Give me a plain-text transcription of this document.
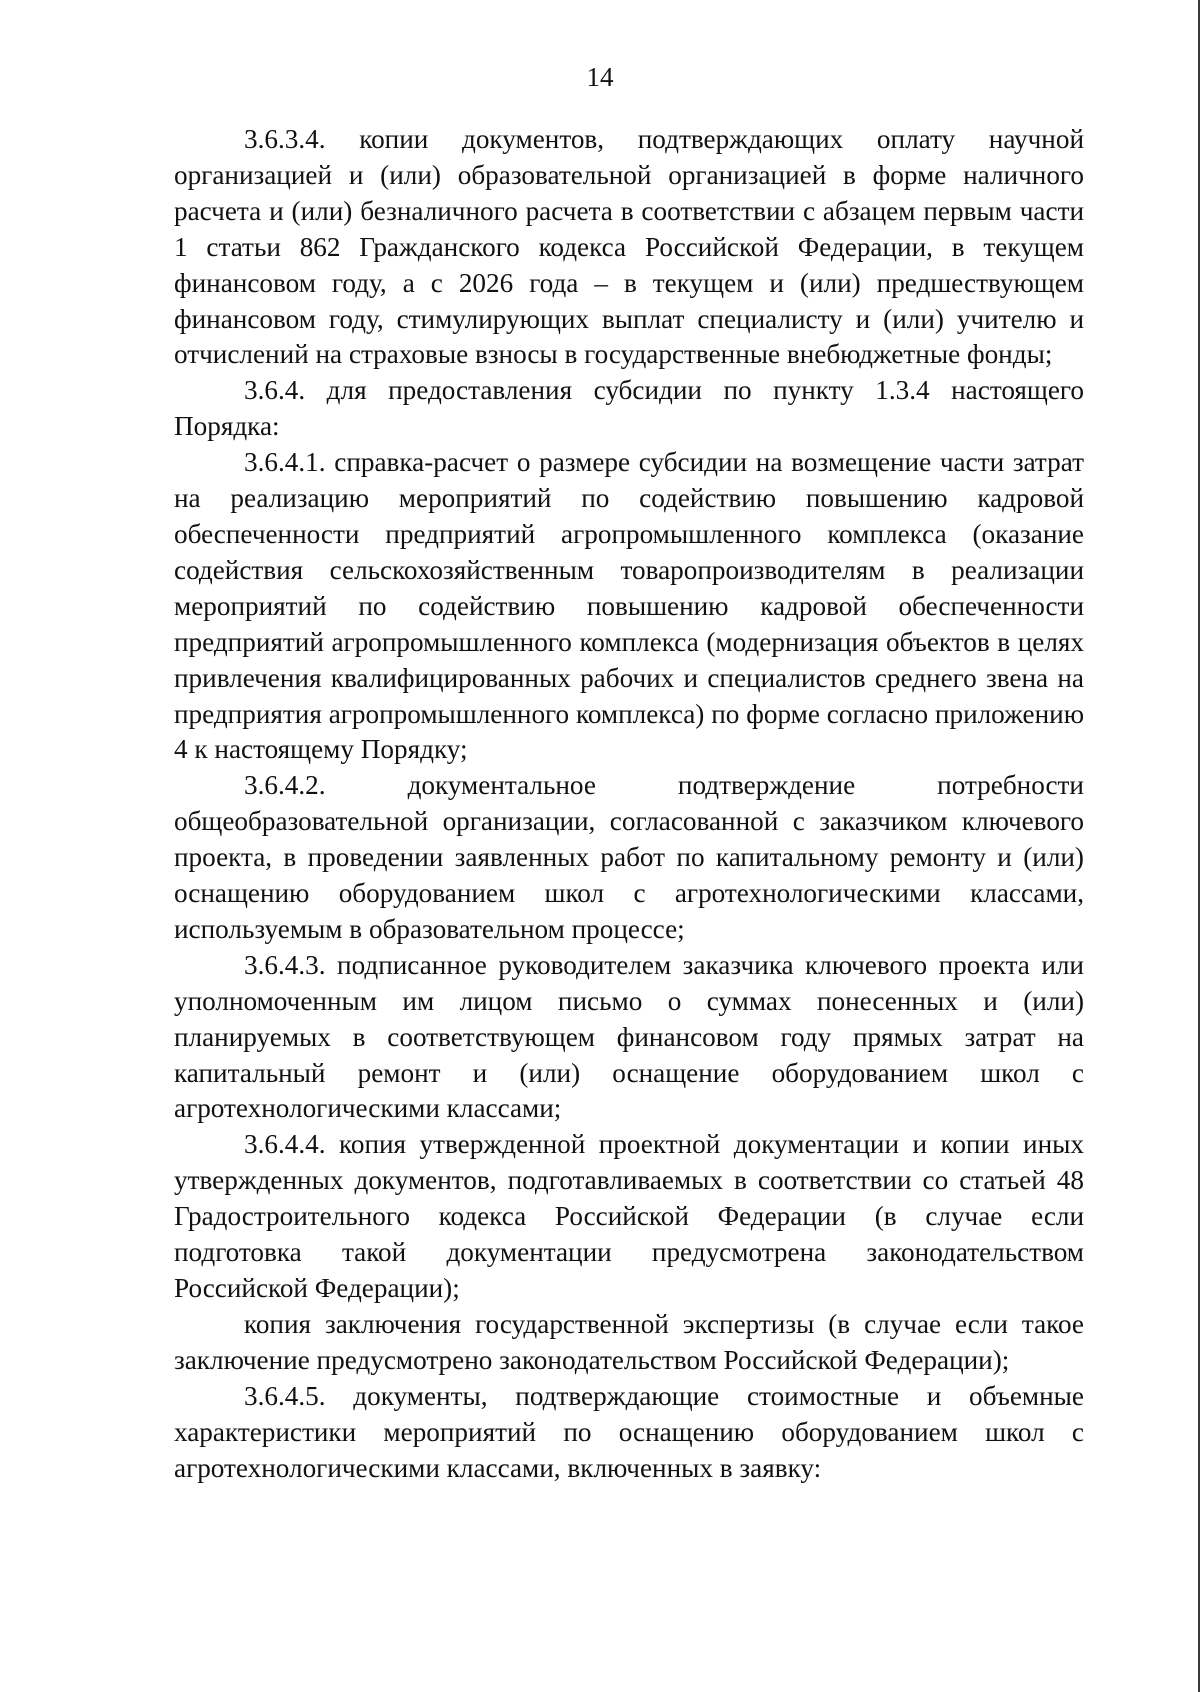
14

3.6.3.4. копии документов, подтверждающих оплату научной организацией и (или) образовательной организацией в форме наличного расчета и (или) безналичного расчета в соответствии с абзацем первым части 1 статьи 862 Гражданского кодекса Российской Федерации, в текущем финансовом году, а с 2026 года – в текущем и (или) предшествующем финансовом году, стимулирующих выплат специалисту и (или) учителю и отчислений на страховые взносы в государственные внебюджетные фонды;

3.6.4. для предоставления субсидии по пункту 1.3.4 настоящего Порядка:

3.6.4.1. справка-расчет о размере субсидии на возмещение части затрат на реализацию мероприятий по содействию повышению кадровой обеспеченности предприятий агропромышленного комплекса (оказание содействия сельскохозяйственным товаропроизводителям в реализации мероприятий по содействию повышению кадровой обеспеченности предприятий агропромышленного комплекса (модернизация объектов в целях привлечения квалифицированных рабочих и специалистов среднего звена на предприятия агропромышленного комплекса) по форме согласно приложению 4 к настоящему Порядку;

3.6.4.2. документальное подтверждение потребности общеобразовательной организации, согласованной с заказчиком ключевого проекта, в проведении заявленных работ по капитальному ремонту и (или) оснащению оборудованием школ с агротехнологическими классами, используемым в образовательном процессе;

3.6.4.3. подписанное руководителем заказчика ключевого проекта или уполномоченным им лицом письмо о суммах понесенных и (или) планируемых в соответствующем финансовом году прямых затрат на капитальный ремонт и (или) оснащение оборудованием школ с агротехнологическими классами;

3.6.4.4. копия утвержденной проектной документации и копии иных утвержденных документов, подготавливаемых в соответствии со статьей 48 Градостроительного кодекса Российской Федерации (в случае если подготовка такой документации предусмотрена законодательством Российской Федерации);

копия заключения государственной экспертизы (в случае если такое заключение предусмотрено законодательством Российской Федерации);

3.6.4.5. документы, подтверждающие стоимостные и объемные характеристики мероприятий по оснащению оборудованием школ с агротехнологическими классами, включенных в заявку:
